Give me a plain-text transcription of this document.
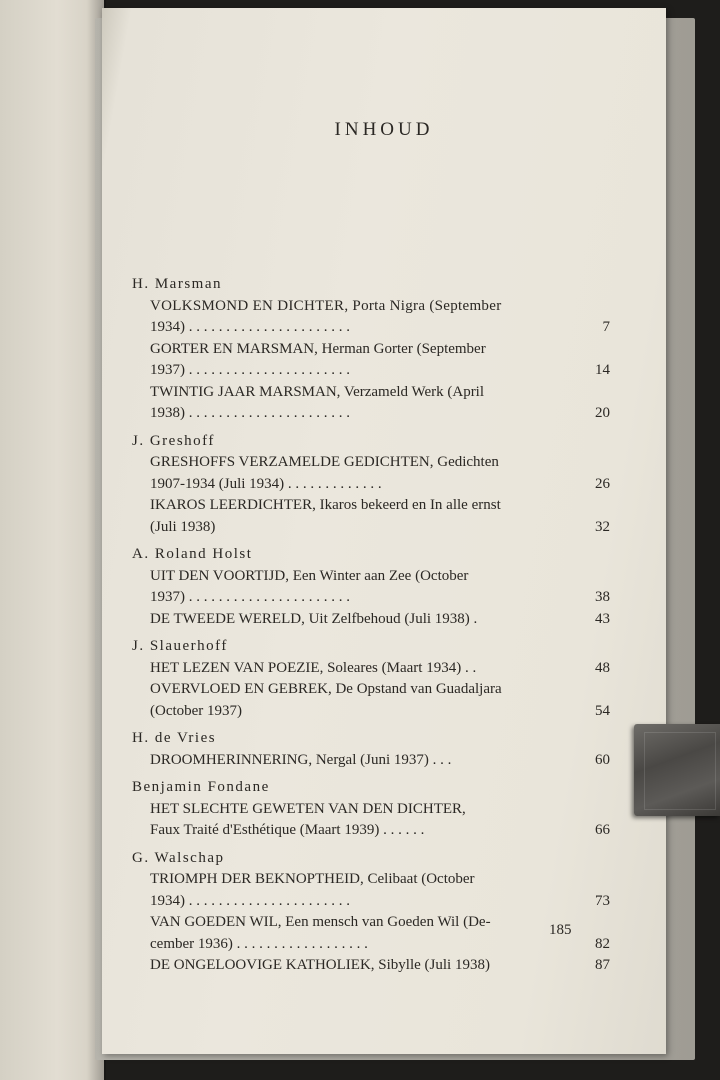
INHOUD
H. Marsman
VOLKSMOND EN DICHTER, Porta Nigra (September
1934) . . . . . . . . . . . . . . . . . . . . . .	7
GORTER EN MARSMAN, Herman Gorter (September
1937) . . . . . . . . . . . . . . . . . . . . . .	14
TWINTIG JAAR MARSMAN, Verzameld Werk (April
1938) . . . . . . . . . . . . . . . . . . . . . .	20
J. Greshoff
GRESHOFFS VERZAMELDE GEDICHTEN, Gedichten
1907-1934 (Juli 1934) . . . . . . . . . . . . .	26
IKAROS LEERDICHTER, Ikaros bekeerd en In alle ernst
(Juli 1938)	32
A. Roland Holst
UIT DEN VOORTIJD, Een Winter aan Zee (October
1937) . . . . . . . . . . . . . . . . . . . . . .	38
DE TWEEDE WERELD, Uit Zelfbehoud (Juli 1938) .	43
J. Slauerhoff
HET LEZEN VAN POEZIE, Soleares (Maart 1934) . .	48
OVERVLOED EN GEBREK, De Opstand van Guadaljara
(October 1937)	54
H. de Vries
DROOMHERINNERING, Nergal (Juni 1937) . . .	60
Benjamin Fondane
HET SLECHTE GEWETEN VAN DEN DICHTER,
Faux Traité d'Esthétique (Maart 1939) . . . . . .	66
G. Walschap
TRIOMPH DER BEKNOPTHEID, Celibaat (October
1934) . . . . . . . . . . . . . . . . . . . . . .	73
VAN GOEDEN WIL, Een mensch van Goeden Wil (De-
cember 1936) . . . . . . . . . . . . . . . . . .	82
DE ONGELOOVIGE KATHOLIEK, Sibylle (Juli 1938)	87
185
